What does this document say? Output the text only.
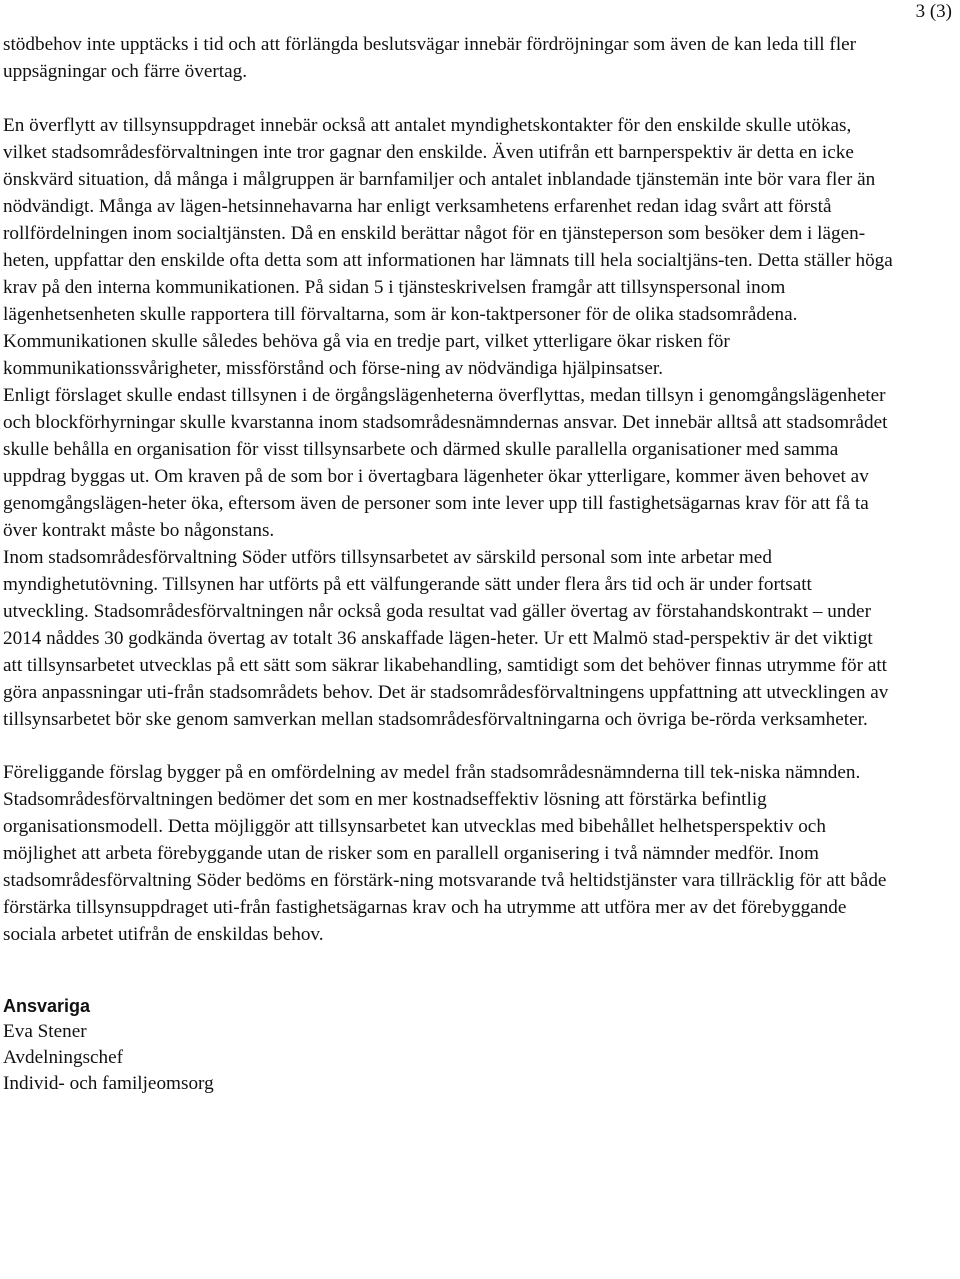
3 (3)

stödbehov inte upptäcks i tid och att förlängda beslutsvägar innebär fördröjningar som även de kan leda till fler uppsägningar och färre övertag.

En överflytt av tillsynsuppdraget innebär också att antalet myndighetskontakter för den enskilde skulle utökas, vilket stadsområdesförvaltningen inte tror gagnar den enskilde. Även utifrån ett barnperspektiv är detta en icke önskvärd situation, då många i målgruppen är barnfamiljer och antalet inblandade tjänstemän inte bör vara fler än nödvändigt. Många av lägen-hetsinnehavarna har enligt verksamhetens erfarenhet redan idag svårt att förstå rollfördelningen inom socialtjänsten. Då en enskild berättar något för en tjänsteperson som besöker dem i lägen-heten, uppfattar den enskilde ofta detta som att informationen har lämnats till hela socialtjäns-ten. Detta ställer höga krav på den interna kommunikationen. På sidan 5 i tjänsteskrivelsen framgår att tillsynspersonal inom lägenhetsenheten skulle rapportera till förvaltarna, som är kon-taktpersoner för de olika stadsområdena. Kommunikationen skulle således behöva gå via en tredje part, vilket ytterligare ökar risken för kommunikationssvårigheter, missförstånd och förse-ning av nödvändiga hjälpinsatser.

Enligt förslaget skulle endast tillsynen i de örgångslägenheterna överflyttas, medan tillsyn i genomgångslägenheter och blockförhyrningar skulle kvarstanna inom stadsområdesnämndernas ansvar. Det innebär alltså att stadsområdet skulle behålla en organisation för visst tillsynsarbete och därmed skulle parallella organisationer med samma uppdrag byggas ut. Om kraven på de som bor i övertagbara lägenheter ökar ytterligare, kommer även behovet av genomgångslägen-heter öka, eftersom även de personer som inte lever upp till fastighetsägarnas krav för att få ta över kontrakt måste bo någonstans.

Inom stadsområdesförvaltning Söder utförs tillsynsarbetet av särskild personal som inte arbetar med myndighetutövning. Tillsynen har utförts på ett välfungerande sätt under flera års tid och är under fortsatt utveckling. Stadsområdesförvaltningen når också goda resultat vad gäller övertag av förstahandskontrakt – under 2014 nåddes 30 godkända övertag av totalt 36 anskaffade lägen-heter. Ur ett Malmö stad-perspektiv är det viktigt att tillsynsarbetet utvecklas på ett sätt som säkrar likabehandling, samtidigt som det behöver finnas utrymme för att göra anpassningar uti-från stadsområdets behov. Det är stadsområdesförvaltningens uppfattning att utvecklingen av tillsynsarbetet bör ske genom samverkan mellan stadsområdesförvaltningarna och övriga be-rörda verksamheter.

Föreliggande förslag bygger på en omfördelning av medel från stadsområdesnämnderna till tek-niska nämnden. Stadsområdesförvaltningen bedömer det som en mer kostnadseffektiv lösning att förstärka befintlig organisationsmodell. Detta möjliggör att tillsynsarbetet kan utvecklas med bibehållet helhetsperspektiv och möjlighet att arbeta förebyggande utan de risker som en parallell organisering i två nämnder medför. Inom stadsområdesförvaltning Söder bedöms en förstärk-ning motsvarande två heltidstjänster vara tillräcklig för att både förstärka tillsynsuppdraget uti-från fastighetsägarnas krav och ha utrymme att utföra mer av det förebyggande sociala arbetet utifrån de enskildas behov.

Ansvariga
Eva Stener
Avdelningschef
Individ- och familjeomsorg
